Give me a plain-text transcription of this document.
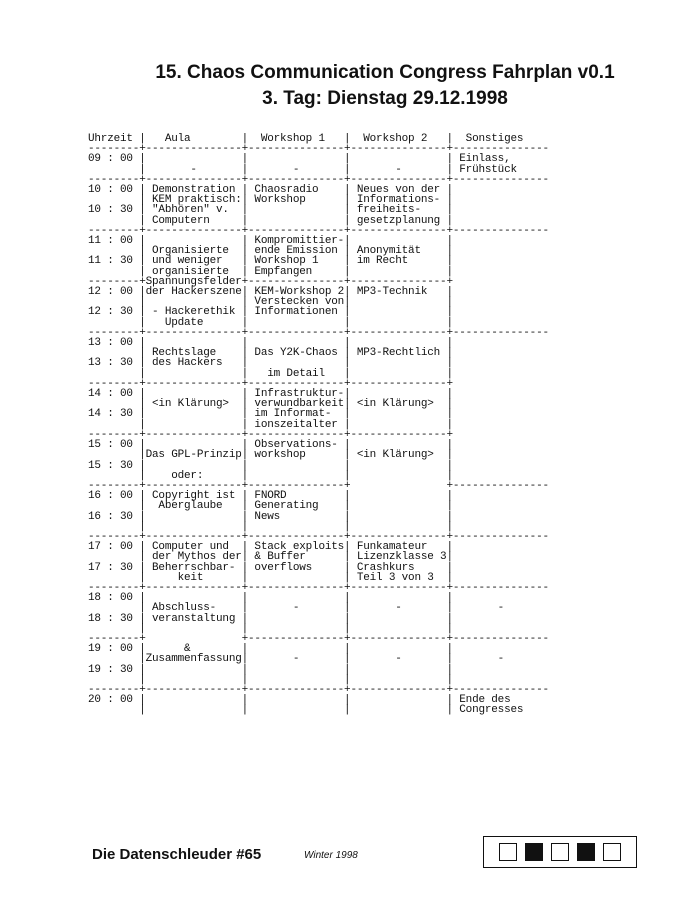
15. Chaos Communication Congress Fahrplan v0.1
3. Tag: Dienstag 29.12.1998
Uhrzeit |   Aula        |  Workshop 1   |  Workshop 2   |  Sonstiges
--------+---------------+---------------+---------------+---------------
09 : 00 |               |               |               | Einlass,
|       -       |       -       |       -       | Frühstück
--------+---------------+---------------+---------------+---------------
10 : 00 | Demonstration | Chaosradio    | Neues von der |
| KEM praktisch:| Workshop      | Informations- |
10 : 30 | "Abhören" v.  |               | freiheits-    |
| Computern     |               | gesetzplanung |
--------+---------------+---------------+---------------+---------------
11 : 00 |               | Kompromittier-|               |
| Organisierte  | ende Emission | Anonymität    |
11 : 30 | und weniger   | Workshop 1    | im Recht      |
| organisierte  | Empfangen     |               |
--------+Spannungsfelder+---------------+---------------+
12 : 00 |der Hackerszene| KEM-Workshop 2| MP3-Technik   |
|               | Verstecken von|               |
12 : 30 | - Hackerethik | Informationen |               |
|   Update      |               |               |
--------+---------------+---------------+---------------+---------------
13 : 00 |               |               |               |
| Rechtslage    | Das Y2K-Chaos | MP3-Rechtlich |
13 : 30 | des Hackers   |               |               |
|               |   im Detail   |               |
--------+---------------+---------------+---------------+
14 : 00 |               | Infrastruktur-|               |
| <in Klärung>  | verwundbarkeit| <in Klärung>  |
14 : 30 |               | im Informat-  |               |
|               | ionszeitalter |               |
--------+---------------+---------------+---------------+
15 : 00 |               | Observations- |               |
|Das GPL-Prinzip| workshop      | <in Klärung>  |
15 : 30 |               |               |               |
|    oder:      |               |               |
--------+---------------+---------------+               +---------------
16 : 00 | Copyright ist | FNORD         |               |
|  Aberglaube   | Generating    |               |
16 : 30 |               | News          |               |
|               |               |               |
--------+---------------+---------------+---------------+---------------
17 : 00 | Computer und  | Stack exploits| Funkamateur   |
| der Mythos der| & Buffer      | Lizenzklasse 3|
17 : 30 | Beherrschbar- | overflows     | Crashkurs     |
|     keit      |               | Teil 3 von 3  |
--------+---------------+---------------+---------------+---------------
18 : 00 |               |               |               |
| Abschluss-    |       -       |       -       |       -
18 : 30 | veranstaltung |               |               |
|               |               |               |
--------+               +---------------+---------------+---------------
19 : 00 |      &        |               |               |
|Zusammenfassung|       -       |       -       |       -
19 : 30 |               |               |               |
|               |               |               |
--------+---------------+---------------+---------------+---------------
20 : 00 |               |               |               | Ende des
|               |               |               | Congresses

Die Datenschleuder #65	Winter 1998
